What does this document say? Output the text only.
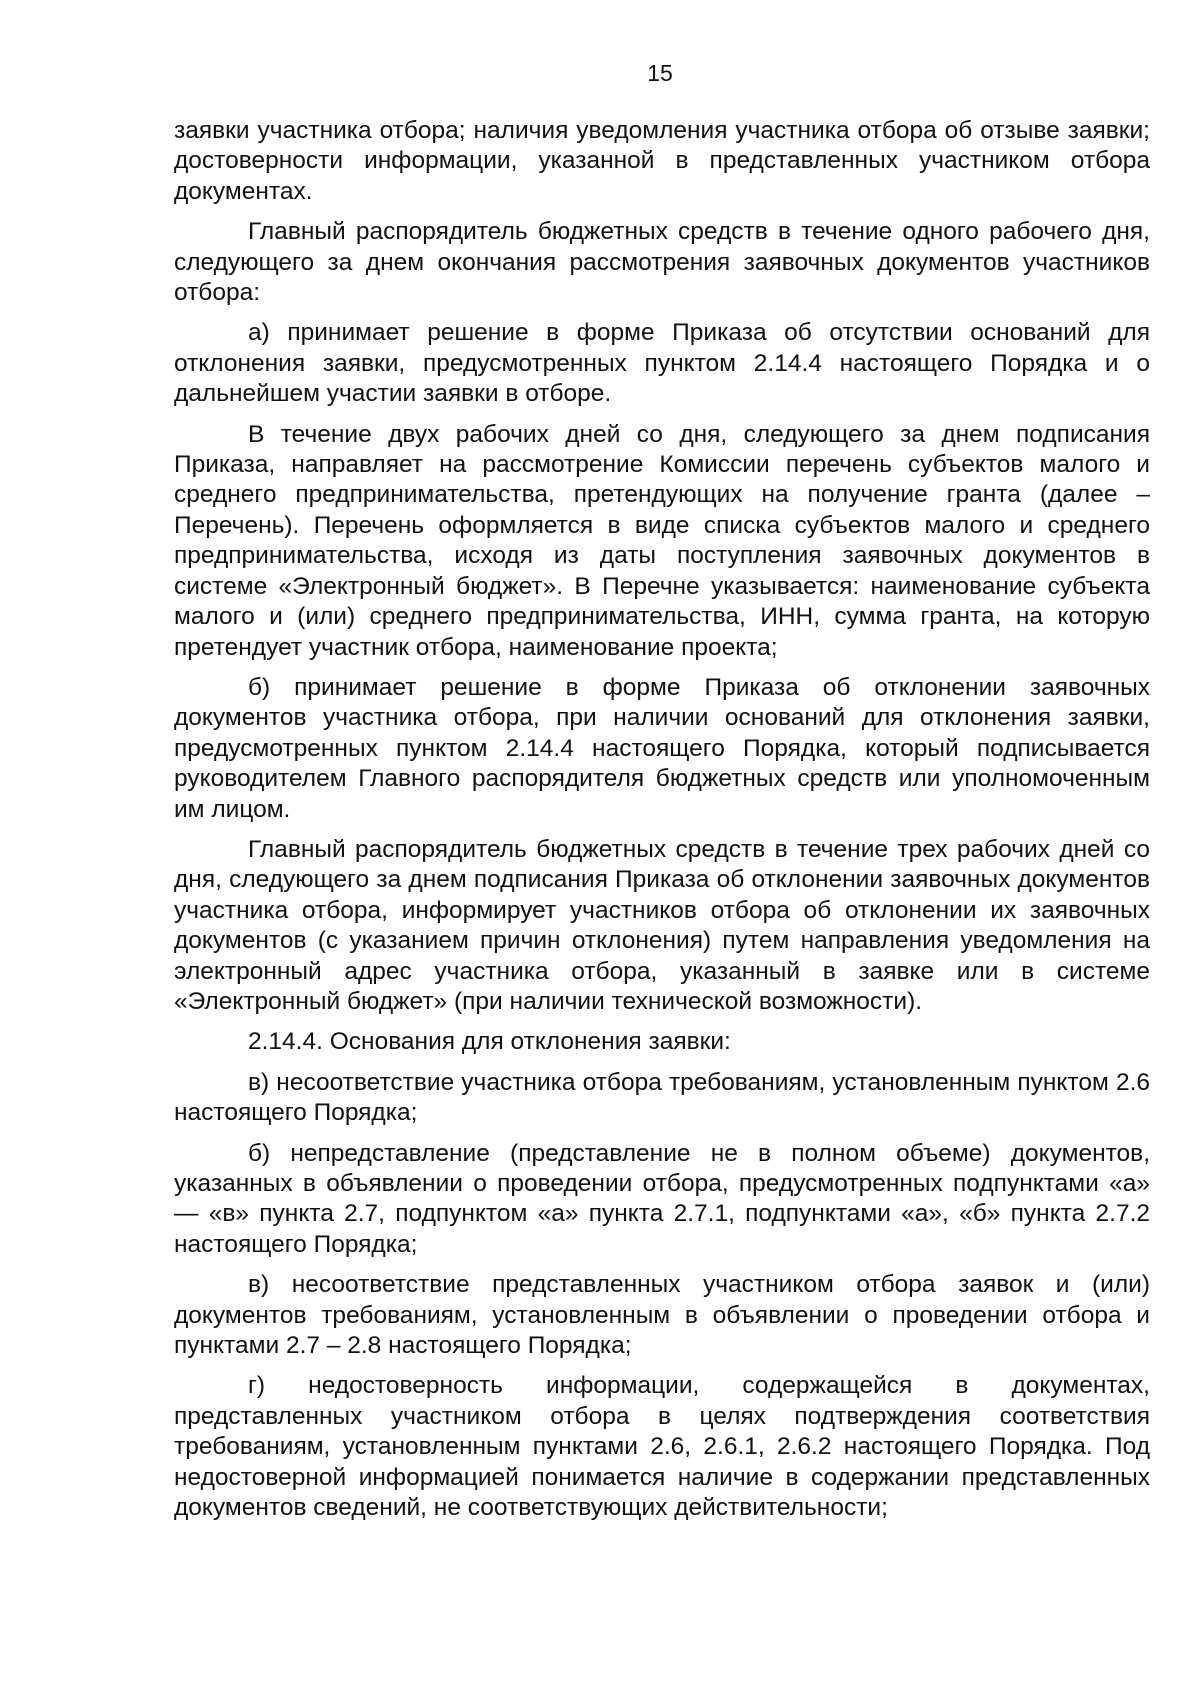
15

заявки участника отбора; наличия уведомления участника отбора об отзыве заявки; достоверности информации, указанной в представленных участником отбора документах.

Главный распорядитель бюджетных средств в течение одного рабочего дня, следующего за днем окончания рассмотрения заявочных документов участников отбора:

а) принимает решение в форме Приказа об отсутствии оснований для отклонения заявки, предусмотренных пунктом 2.14.4 настоящего Порядка и о дальнейшем участии заявки в отборе.

В течение двух рабочих дней со дня, следующего за днем подписания Приказа, направляет на рассмотрение Комиссии перечень субъектов малого и среднего предпринимательства, претендующих на получение гранта (далее – Перечень). Перечень оформляется в виде списка субъектов малого и среднего предпринимательства, исходя из даты поступления заявочных документов в системе «Электронный бюджет». В Перечне указывается: наименование субъекта малого и (или) среднего предпринимательства, ИНН, сумма гранта, на которую претендует участник отбора, наименование проекта;

б) принимает решение в форме Приказа об отклонении заявочных документов участника отбора, при наличии оснований для отклонения заявки, предусмотренных пунктом 2.14.4 настоящего Порядка, который подписывается руководителем Главного распорядителя бюджетных средств или уполномоченным им лицом.

Главный распорядитель бюджетных средств в течение трех рабочих дней со дня, следующего за днем подписания Приказа об отклонении заявочных документов участника отбора, информирует участников отбора об отклонении их заявочных документов (с указанием причин отклонения) путем направления уведомления на электронный адрес участника отбора, указанный в заявке или в системе «Электронный бюджет» (при наличии технической возможности).

2.14.4. Основания для отклонения заявки:

в) несоответствие участника отбора требованиям, установленным пунктом 2.6 настоящего Порядка;

б) непредставление (представление не в полном объеме) документов, указанных в объявлении о проведении отбора, предусмотренных подпунктами «а» — «в» пункта 2.7, подпунктом «а» пункта 2.7.1, подпунктами «а», «б» пункта 2.7.2 настоящего Порядка;

в) несоответствие представленных участником отбора заявок и (или) документов требованиям, установленным в объявлении о проведении отбора и пунктами 2.7 – 2.8 настоящего Порядка;

г) недостоверность информации, содержащейся в документах, представленных участником отбора в целях подтверждения соответствия требованиям, установленным пунктами 2.6, 2.6.1, 2.6.2 настоящего Порядка. Под недостоверной информацией понимается наличие в содержании представленных документов сведений, не соответствующих действительности;
